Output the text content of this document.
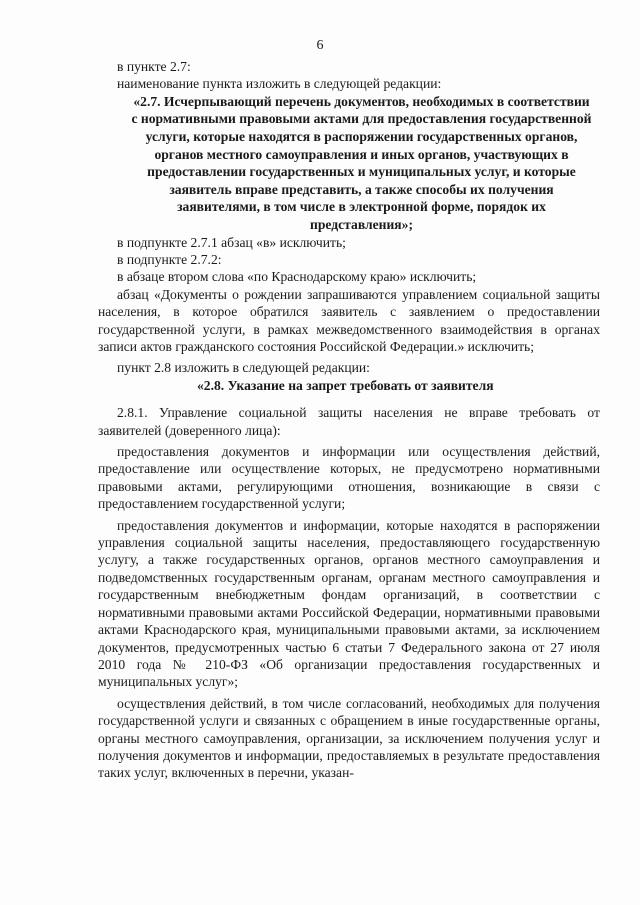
6

в пункте 2.7:

наименование пункта изложить в следующей редакции:

«2.7. Исчерпывающий перечень документов, необходимых в соответствии с нормативными правовыми актами для предоставления государственной услуги, которые находятся в распоряжении государственных органов, органов местного самоуправления и иных органов, участвующих в предоставлении государственных и муниципальных услуг, и которые заявитель вправе представить, а также способы их получения заявителями, в том числе в электронной форме, порядок их представления»;

в подпункте 2.7.1 абзац «в» исключить;

в подпункте 2.7.2:

в абзаце втором слова «по Краснодарскому краю» исключить;

абзац «Документы о рождении запрашиваются управлением социальной защиты населения, в которое обратился заявитель с заявлением о предоставлении государственной услуги, в рамках межведомственного взаимодействия в органах записи актов гражданского состояния Российской Федерации.» исключить;

пункт 2.8 изложить в следующей редакции:

«2.8. Указание на запрет требовать от заявителя

2.8.1. Управление социальной защиты населения не вправе требовать от заявителей (доверенного лица):

предоставления документов и информации или осуществления действий, предоставление или осуществление которых, не предусмотрено нормативными правовыми актами, регулирующими отношения, возникающие в связи с предоставлением государственной услуги;

предоставления документов и информации, которые находятся в распоряжении управления социальной защиты населения, предоставляющего государственную услугу, а также государственных органов, органов местного самоуправления и подведомственных государственным органам, органам местного самоуправления и государственным внебюджетным фондам организаций, в соответствии с нормативными правовыми актами Российской Федерации, нормативными правовыми актами Краснодарского края, муниципальными правовыми актами, за исключением документов, предусмотренных частью 6 статьи 7 Федерального закона от 27 июля 2010 года № 210-ФЗ «Об организации предоставления государственных и муниципальных услуг»;

осуществления действий, в том числе согласований, необходимых для получения государственной услуги и связанных с обращением в иные государственные органы, органы местного самоуправления, организации, за исключением получения услуг и получения документов и информации, предоставляемых в результате предоставления таких услуг, включенных в перечни, указан-
